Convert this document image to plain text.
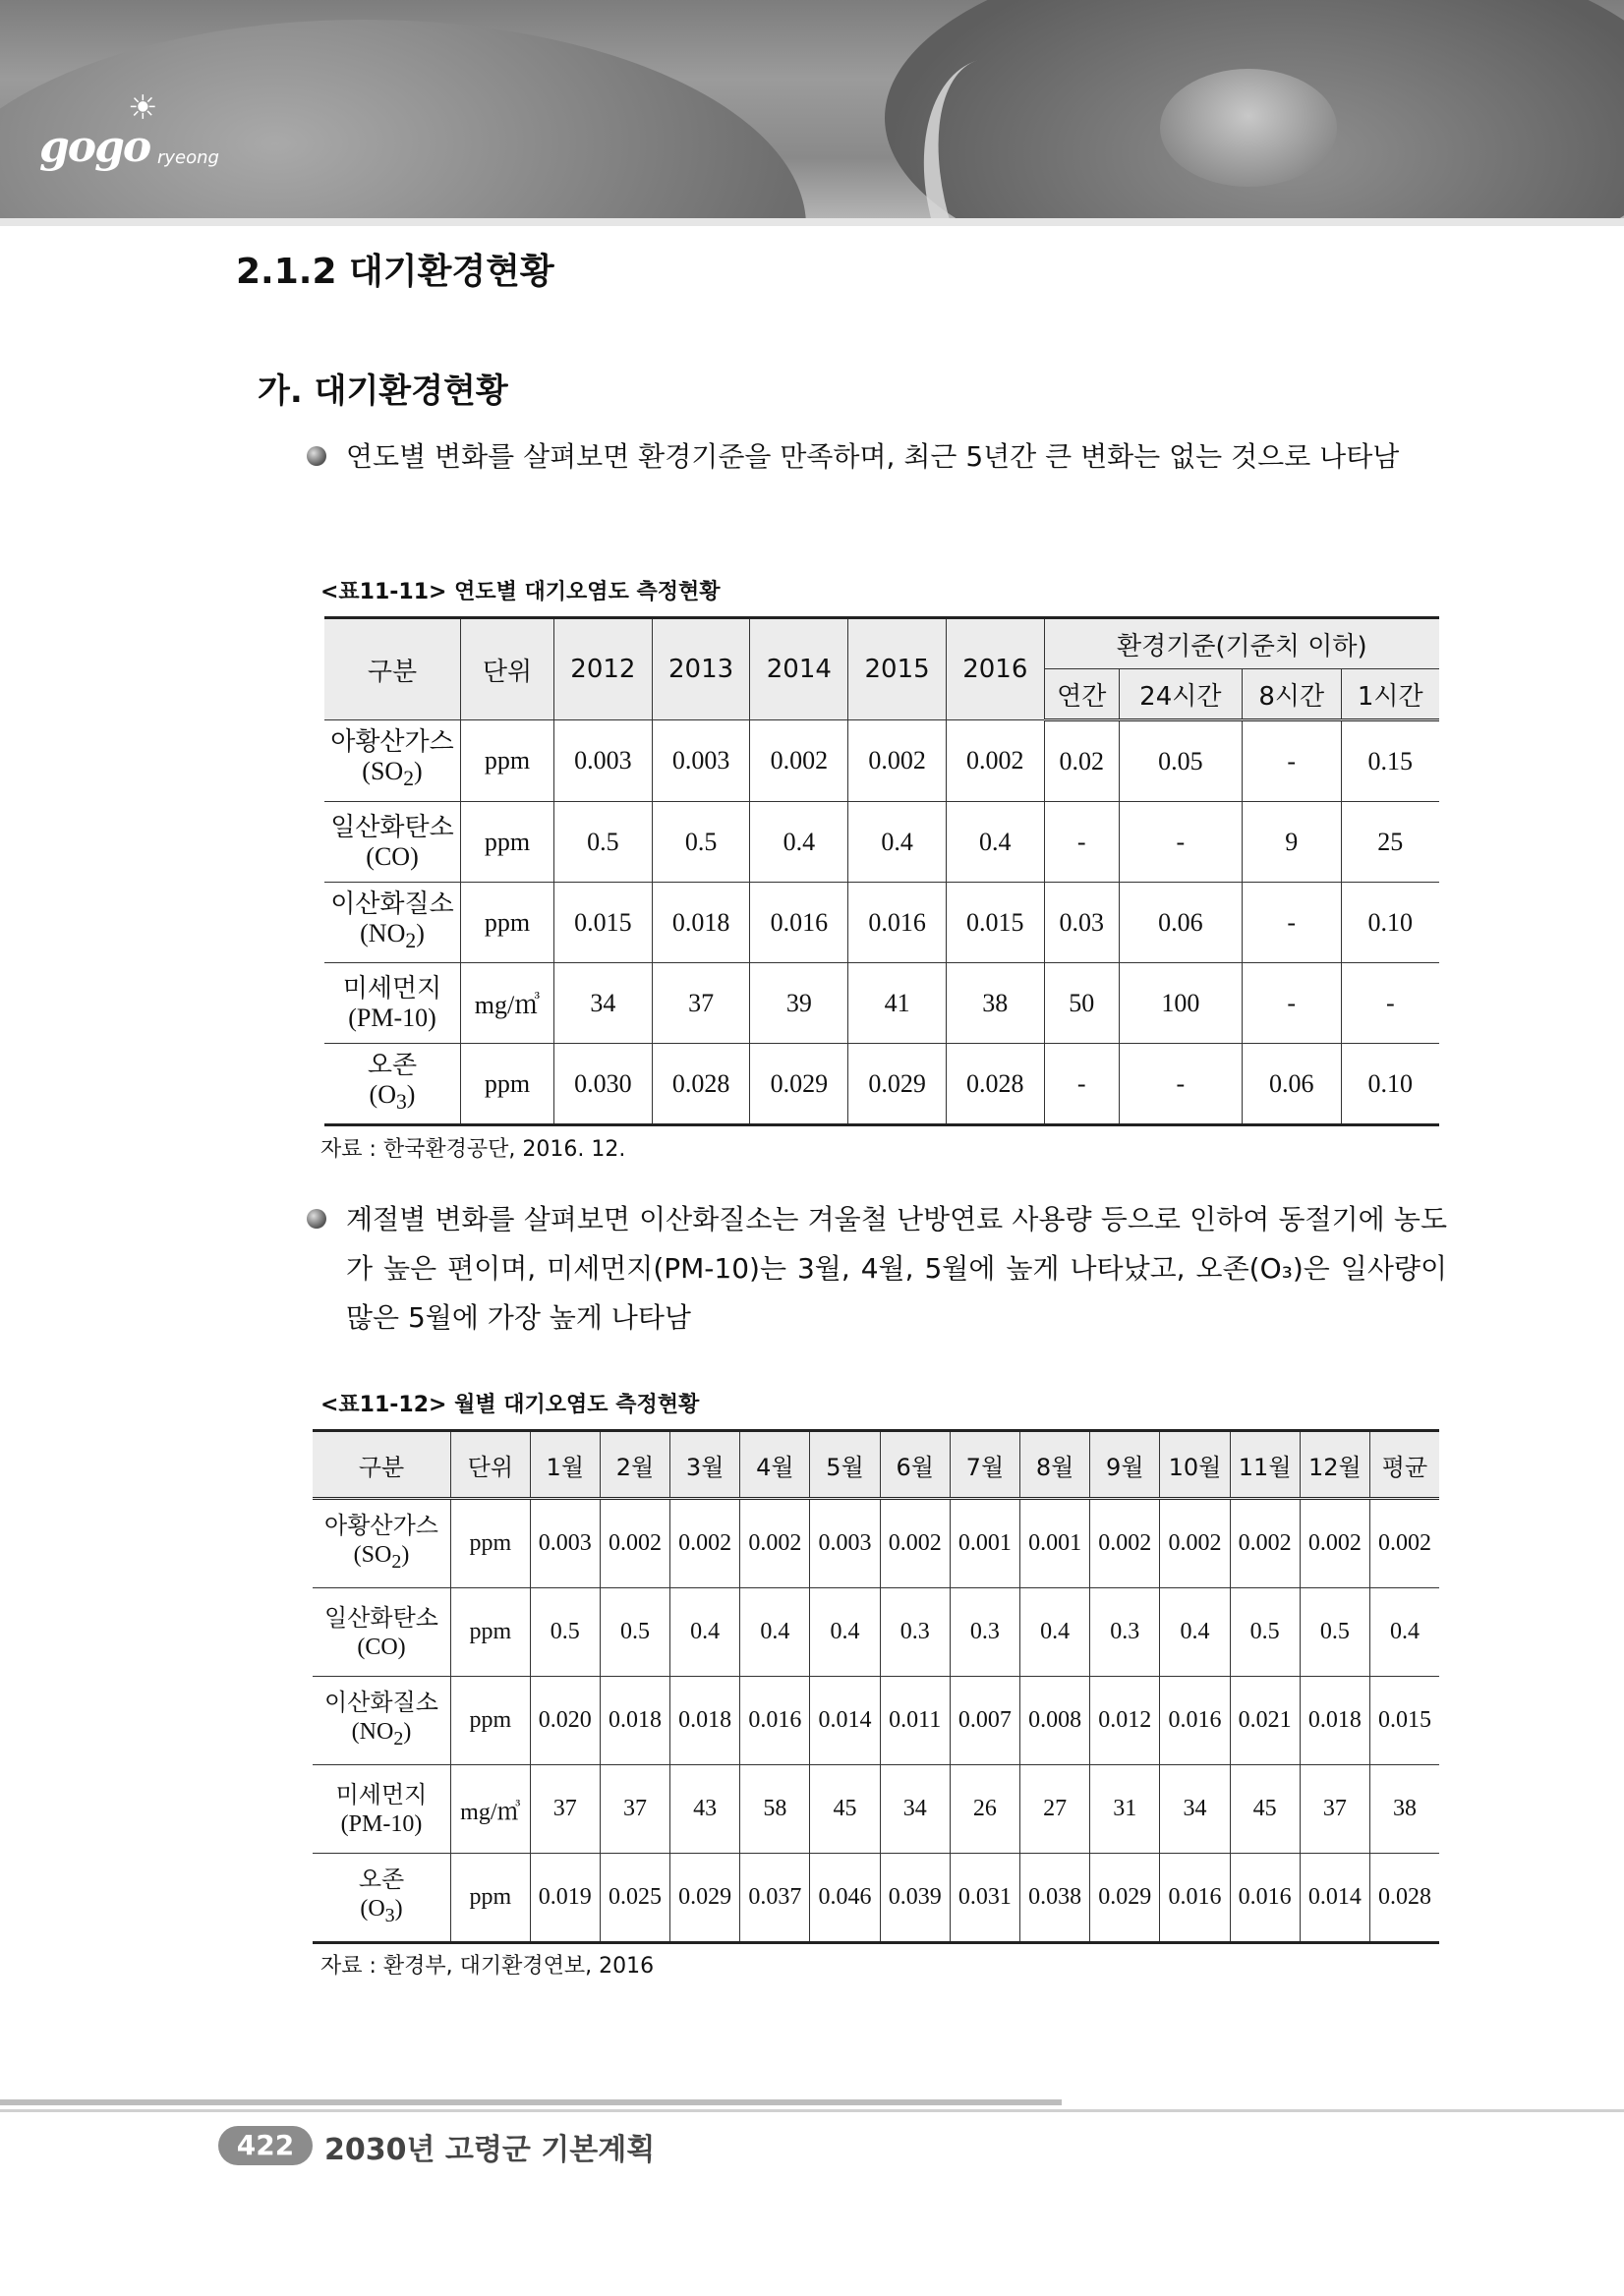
☀
gogo ryeong
2.1.2 대기환경현황
가. 대기환경현황
연도별 변화를 살펴보면 환경기준을 만족하며, 최근 5년간 큰 변화는 없는 것으로 나타남
<표11-11> 연도별 대기오염도 측정현황
구분	단위	2012	2013	2014	2015	2016	환경기준(기준치 이하)			
							연간	24시간	8시간	1시간

아황산가스
$(SO_2)$	ppm	0.003	0.003	0.002	0.002	0.002	0.02	0.05	-	0.15

일산화탄소
(CO)	ppm	0.5	0.5	0.4	0.4	0.4	-	-	9	25

이산화질소
$(NO_2)$	ppm	0.015	0.018	0.016	0.016	0.015	0.03	0.06	-	0.10

미세먼지
(PM-10)	mg/㎥	34	37	39	41	38	50	100	-	-

오존
$(O_3)$	ppm	0.030	0.028	0.029	0.029	0.028	-	-	0.06	0.10
자료 : 한국환경공단, 2016. 12.
계절별 변화를 살펴보면 이산화질소는 겨울철 난방연료 사용량 등으로 인하여 동절기에 농도가 높은 편이며, 미세먼지(PM-10)는 3월, 4월, 5월에 높게 나타났고, 오존(O₃)은 일사량이 많은 5월에 가장 높게 나타남
<표11-12> 월별 대기오염도 측정현황
구분	단위	1월	2월	3월	4월	5월	6월	7월	8월	9월	10월	11월	12월	평균

아황산가스
$(SO_2)$	ppm	0.003	0.002	0.002	0.002	0.003	0.002	0.001	0.001	0.002	0.002	0.002	0.002	0.002

일산화탄소
(CO)	ppm	0.5	0.5	0.4	0.4	0.4	0.3	0.3	0.4	0.3	0.4	0.5	0.5	0.4

이산화질소
$(NO_2)$	ppm	0.020	0.018	0.018	0.016	0.014	0.011	0.007	0.008	0.012	0.016	0.021	0.018	0.015

미세먼지
(PM-10)	mg/㎥	37	37	43	58	45	34	26	27	31	34	45	37	38

오존
$(O_3)$	ppm	0.019	0.025	0.029	0.037	0.046	0.039	0.031	0.038	0.029	0.016	0.016	0.014	0.028
자료 : 환경부, 대기환경연보, 2016
422	2030년 고령군 기본계획
